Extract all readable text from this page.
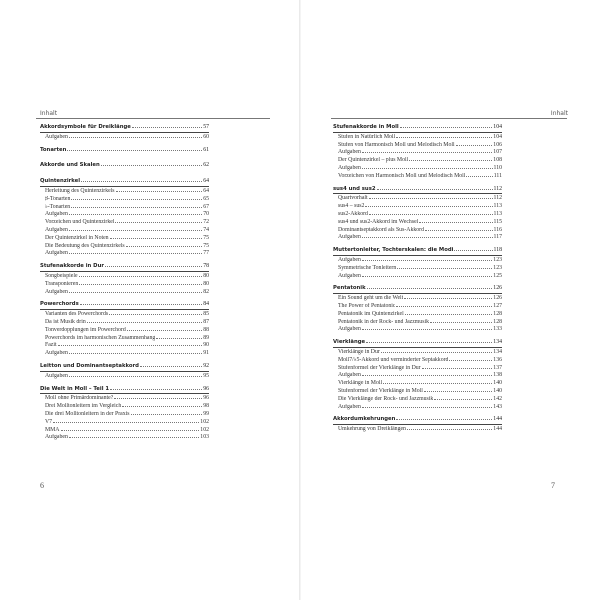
Inhalt
Akkordsymbole für Dreiklänge	57
Aufgaben	60
Tonarten	61
Akkorde und Skalen	62
Quintenzirkel	64
Herleitung des Quintenzirkels	64
♯-Tonarten	65
♭-Tonarten	67
Aufgaben	70
Vorzeichen und Quintenzirkel	72
Aufgaben	74
Der Quintenzirkel in Noten	75
Die Bedeutung des Quintenzirkels	75
Aufgaben	77
Stufenakkorde in Dur	78
Songbeispiele	80
Transponieren	80
Aufgaben	82
Powerchords	84
Varianten des Powerchords	85
Da ist Musik drin	87
Tonverdopplungen im Powerchord	88
Powerchords im harmonischen Zusammenhang	89
Fazit	90
Aufgaben	91
Leitton und Dominantseptakkord	92
Aufgaben	95
Die Welt in Moll – Teil 1	96
Moll ohne Primärdominante?	96
Drei Molltonleitern im Vergleich	98
Die drei Molltonleitern in der Praxis	99
V7	102
MMA	102
Aufgaben	103
6
Inhalt
Stufenakkorde in Moll	104
Stufen in Natürlich Moll	104
Stufen von Harmonisch Moll und Melodisch Moll	106
Aufgaben	107
Der Quintenzirkel – plus Moll	108
Aufgaben	110
Vorzeichen von Harmonisch Moll und Melodisch Moll	111
sus4 und sus2	112
Quartvorhalt	112
sus4 – sus2	113
sus2-Akkord	113
sus4 und sus2-Akkord im Wechsel	115
Dominantseptakkord als Sus-Akkord	116
Aufgaben	117
Muttertonleiter, Tochterskalen: die Modi	118
Aufgaben	123
Symmetrische Tonleitern	123
Aufgaben	125
Pentatonik	126
Ein Sound geht um die Welt	126
The Power of Pentatonic	127
Pentatonik im Quintenzirkel	128
Pentatonik in der Rock- und Jazzmusik	128
Aufgaben	133
Vierklänge	134
Vierklänge in Dur	134
Moll7/♭5-Akkord und verminderter Septakkord	136
Stufenformel der Vierklänge in Dur	137
Aufgaben	138
Vierklänge in Moll	140
Stufenformel der Vierklänge in Moll	140
Die Vierklänge der Rock- und Jazzmusik	142
Aufgaben	143
Akkordumkehrungen	144
Umkehrung von Dreiklängen	144
7
